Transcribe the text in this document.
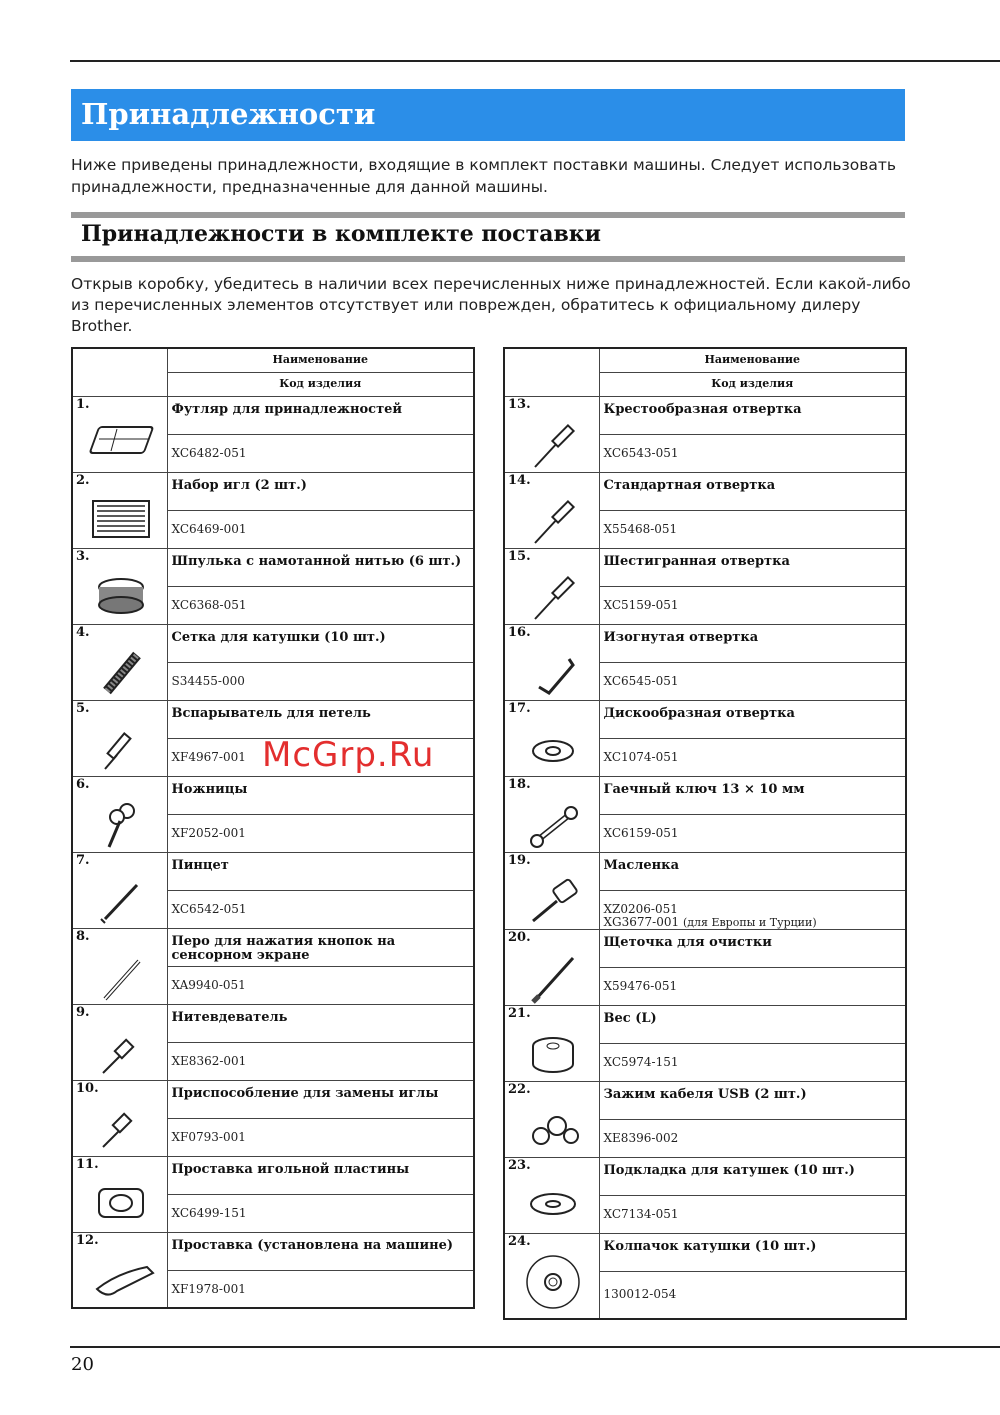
Принадлежности
Ниже приведены принадлежности, входящие в комплект поставки машины. Следует использовать принадлежности, предназначенные для данной машины.
Принадлежности в комплекте поставки
Открыв коробку, убедитесь в наличии всех перечисленных ниже принадлежностей. Если какой-либо из перечисленных элементов отсутствует или поврежден, обратитесь к официальному дилеру Brother.
	Наименование
	Код изделия

1.	Футляр для принадлежностей
	XC6482-051

2.	Набор игл (2 шт.)
	XC6469-001

3.	Шпулька с намотанной нитью (6 шт.)
	XC6368-051

4.	Сетка для катушки (10 шт.)
	S34455-000

5.	Вспарыватель для петель
	XF4967-001

6.	Ножницы
	XF2052-001

7.	Пинцет
	XC6542-051

8.	Перо для нажатия кнопок на сенсорном экране
	XA9940-051

9.	Нитевдеватель
	XE8362-001

10.	Приспособление для замены иглы
	XF0793-001

11.	Проставка игольной пластины
	XC6499-151

12.	Проставка (установлена на машине)
	XF1978-001
	Наименование
	Код изделия

13.	Крестообразная отвертка
	XC6543-051

14.	Стандартная отвертка
	X55468-051

15.	Шестигранная отвертка
	XC5159-051

16.	Изогнутая отвертка
	XC6545-051

17.	Дискообразная отвертка
	XC1074-051

18.	Гаечный ключ 13 × 10 мм
	XC6159-051

19.	Масленка
	XZ0206-051
XG3677-001 (для Европы и Турции)

20.	Щеточка для очистки
	X59476-051

21.	Вес (L)
	XC5974-151

22.	Зажим кабеля USB (2 шт.)
	XE8396-002

23.	Подкладка для катушек (10 шт.)
	XC7134-051

24.	Колпачок катушки (10 шт.)
	130012-054
McGrp.Ru
20
